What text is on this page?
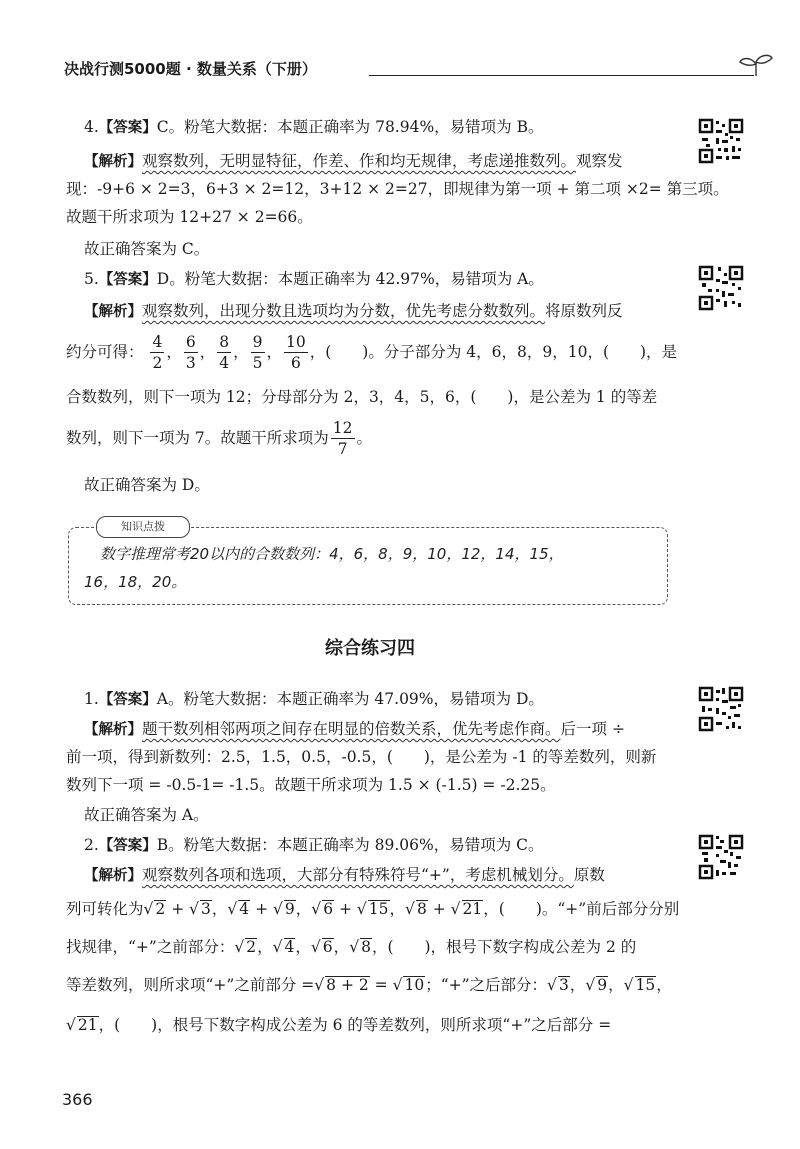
决战行测5000题 · 数量关系（下册）
4.【答案】C。粉笔大数据：本题正确率为 78.94%，易错项为 B。
【解析】观察数列，无明显特征，作差、作和均无规律，考虑递推数列。观察发
现：-9+6 × 2=3，6+3 × 2=12，3+12 × 2=27，即规律为第一项 + 第二项 ×2= 第三项。
故题干所求项为 12+27 × 2=66。
故正确答案为 C。
5.【答案】D。粉笔大数据：本题正确率为 42.97%，易错项为 A。
【解析】观察数列，出现分数且选项均为分数，优先考虑分数数列。将原数列反
约分可得： $\frac{4}{2}$ ， $\frac{6}{3}$ ， $\frac{8}{4}$ ， $\frac{9}{5}$ ， $\frac{10}{6}$ ，(　　)。分子部分为 4，6，8，9，10，(　　)，是
合数数列，则下一项为 12；分母部分为 2，3，4，5，6，(　　)，是公差为 1 的等差
数列，则下一项为 7。故题干所求项为 $\frac{12}{7}$ 。
故正确答案为 D。
知识点拨
数字推理常考20以内的合数数列：4，6，8，9，10，12，14，15，
16，18，20。
综合练习四
1.【答案】A。粉笔大数据：本题正确率为 47.09%，易错项为 D。
【解析】题干数列相邻两项之间存在明显的倍数关系，优先考虑作商。后一项 ÷
前一项，得到新数列：2.5，1.5，0.5，-0.5，(　　)，是公差为 -1 的等差数列，则新
数列下一项 = -0.5-1= -1.5。故题干所求项为 1.5 × (-1.5) = -2.25。
故正确答案为 A。
2.【答案】B。粉笔大数据：本题正确率为 89.06%，易错项为 C。
【解析】观察数列各项和选项，大部分有特殊符号“+”，考虑机械划分。原数
列可转化为√ 2 + √ 3，√ 4 + √ 9，√ 6 + √ 15，√ 8 + √ 21，(　　)。“+”前后部分分别
找规律，“+”之前部分：√ 2，√ 4，√ 6，√ 8，(　　)，根号下数字构成公差为 2 的
等差数列，则所求项“+”之前部分 =√ 8 + 2 = √ 10；“+”之后部分：√ 3，√ 9，√ 15，
√ 21，(　　)，根号下数字构成公差为 6 的等差数列，则所求项“+”之后部分 =
366
